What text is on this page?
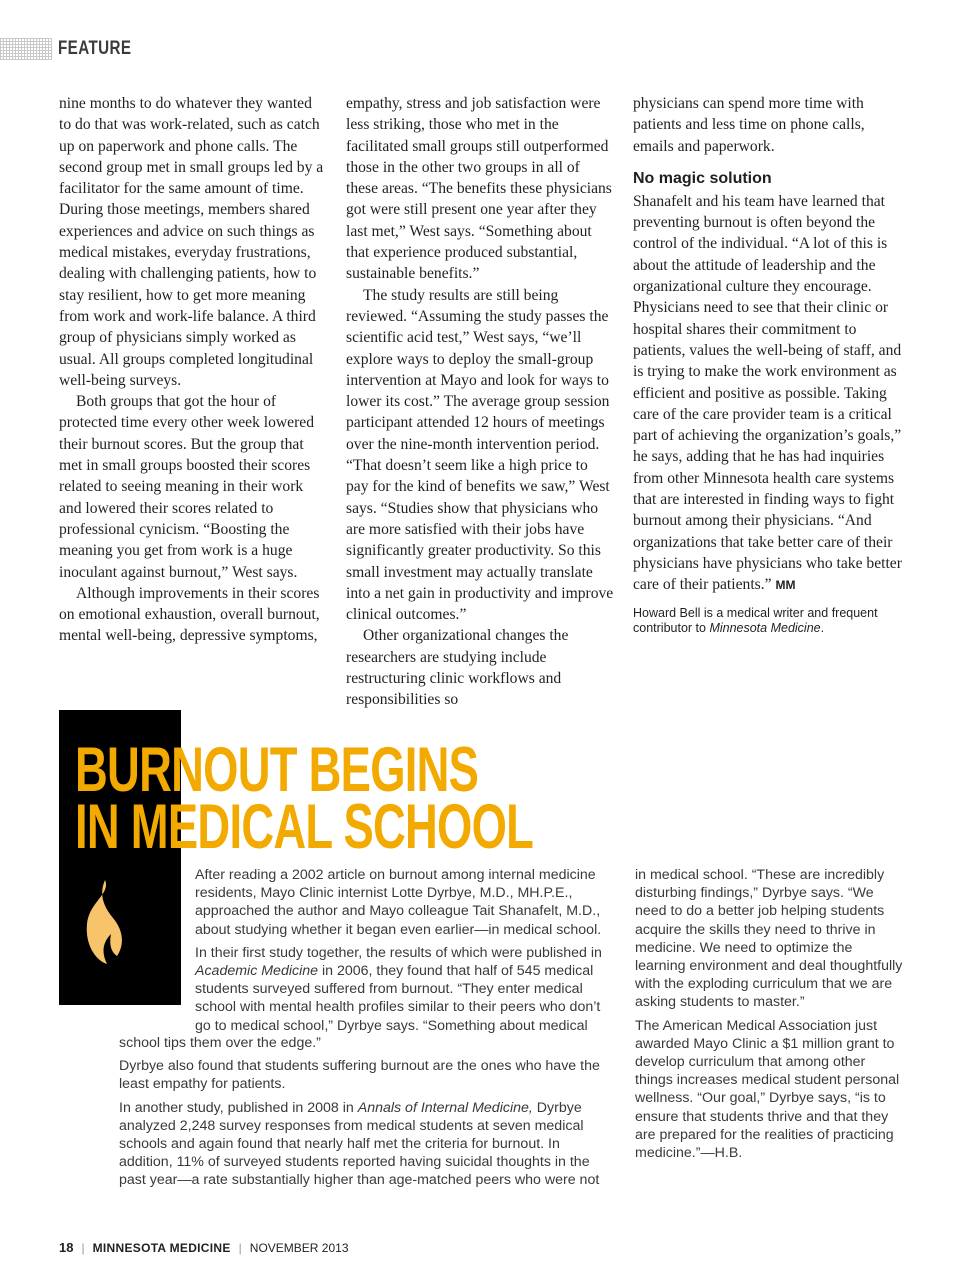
FEATURE

nine months to do whatever they wanted to do that was work-related, such as catch up on paperwork and phone calls. The second group met in small groups led by a facilitator for the same amount of time. During those meetings, members shared experiences and advice on such things as medical mistakes, everyday frustrations, dealing with challenging patients, how to stay resilient, how to get more meaning from work and work-life balance. A third group of physicians simply worked as usual. All groups completed longitudinal well-being surveys.

Both groups that got the hour of protected time every other week lowered their burnout scores. But the group that met in small groups boosted their scores related to seeing meaning in their work and lowered their scores related to professional cynicism. “Boosting the meaning you get from work is a huge inoculant against burnout,” West says.

Although improvements in their scores on emotional exhaustion, overall burnout, mental well-being, depressive symptoms,

empathy, stress and job satisfaction were less striking, those who met in the facilitated small groups still outperformed those in the other two groups in all of these areas. “The benefits these physicians got were still present one year after they last met,” West says. “Something about that experience produced substantial, sustainable benefits.”

The study results are still being reviewed. “Assuming the study passes the scientific acid test,” West says, “we’ll explore ways to deploy the small-group intervention at Mayo and look for ways to lower its cost.” The average group session participant attended 12 hours of meetings over the nine-month intervention period. “That doesn’t seem like a high price to pay for the kind of benefits we saw,” West says. “Studies show that physicians who are more satisfied with their jobs have significantly greater productivity. So this small investment may actually translate into a net gain in productivity and improve clinical outcomes.”

Other organizational changes the researchers are studying include restructuring clinic workflows and responsibilities so

physicians can spend more time with patients and less time on phone calls, emails and paperwork.

No magic solution

Shanafelt and his team have learned that preventing burnout is often beyond the control of the individual. “A lot of this is about the attitude of leadership and the organizational culture they encourage. Physicians need to see that their clinic or hospital shares their commitment to patients, values the well-being of staff, and is trying to make the work environment as efficient and positive as possible. Taking care of the care provider team is a critical part of achieving the organization’s goals,” he says, adding that he has had inquiries from other Minnesota health care systems that are interested in finding ways to fight burnout among their physicians. “And organizations that take better care of their physicians have physicians who take better care of their patients.” MM

Howard Bell is a medical writer and frequent contributor to Minnesota Medicine.

BURNOUT BEGINS
IN MEDICAL SCHOOL

After reading a 2002 article on burnout among internal medicine residents, Mayo Clinic internist Lotte Dyrbye, M.D., MH.P.E., approached the author and Mayo colleague Tait Shanafelt, M.D., about studying whether it began even earlier—in medical school.

In their first study together, the results of which were published in Academic Medicine in 2006, they found that half of 545 medical students surveyed suffered from burnout. “They enter medical school with mental health profiles similar to their peers who don’t go to medical school,” Dyrbye says. “Something about medical

school tips them over the edge.”

Dyrbye also found that students suffering burnout are the ones who have the least empathy for patients.

In another study, published in 2008 in Annals of Internal Medicine, Dyrbye analyzed 2,248 survey responses from medical students at seven medical schools and again found that nearly half met the criteria for burnout. In addition, 11% of surveyed students reported having suicidal thoughts in the past year—a rate substantially higher than age-matched peers who were not

in medical school. “These are incredibly disturbing findings,” Dyrbye says. “We need to do a better job helping students acquire the skills they need to thrive in medicine. We need to optimize the learning environment and deal thoughtfully with the exploding curriculum that we are asking students to master.”

The American Medical Association just awarded Mayo Clinic a $1 million grant to develop curriculum that among other things increases medical student personal wellness. “Our goal,” Dyrbye says, “is to ensure that students thrive and that they are prepared for the realities of practicing medicine.”—H.B.

18 | MINNESOTA MEDICINE | NOVEMBER 2013
